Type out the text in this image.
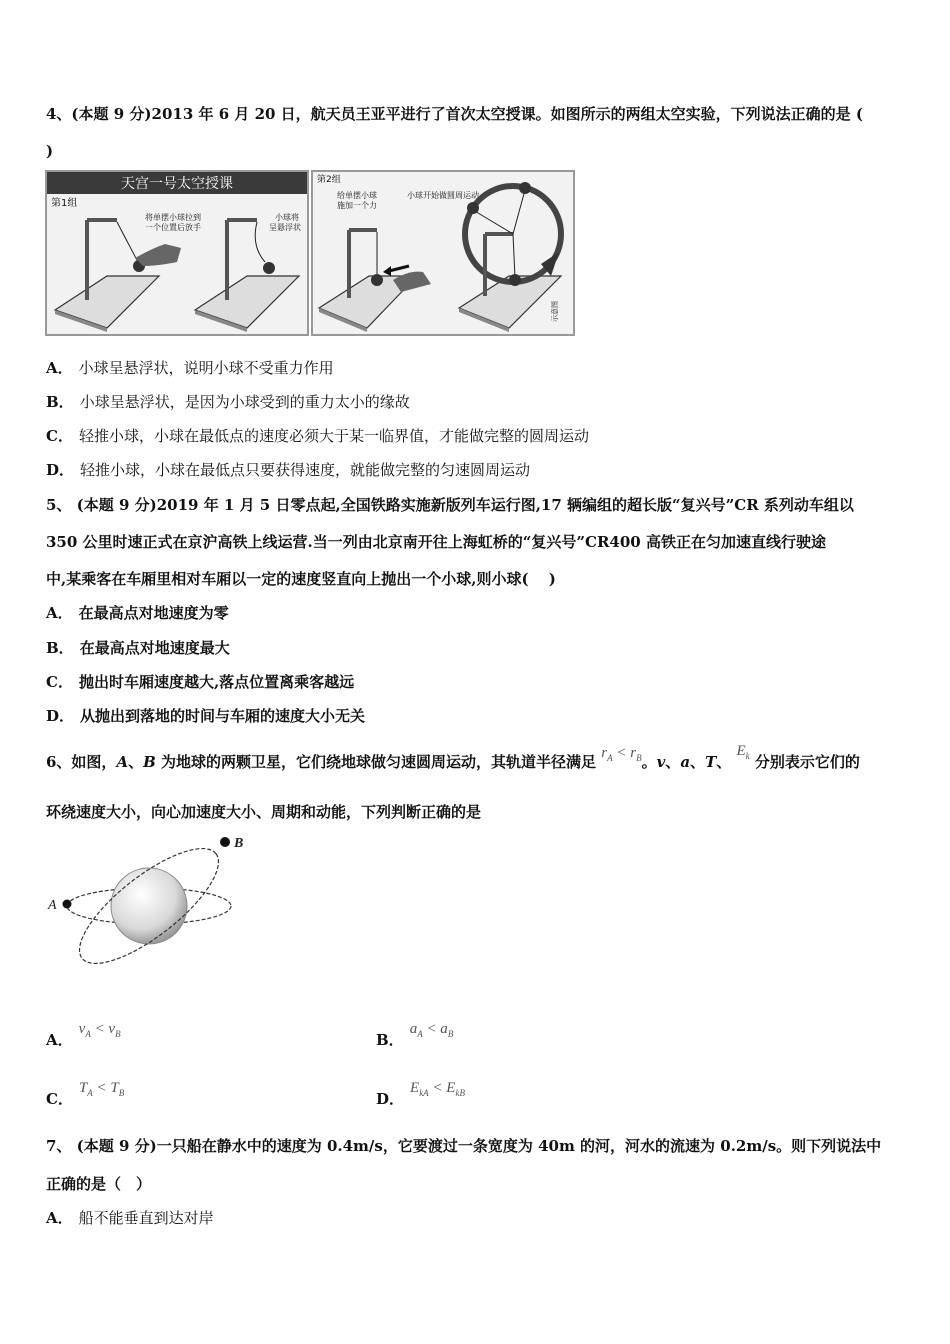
4、(本题 9 分)2013 年 6 月 20 日，航天员王亚平进行了首次太空授课。如图所示的两组太空实验，下列说法正确的是 (
)
天宫一号太空授课
第1组
将单摆小球拉到
一个位置后放手
小球将
呈悬浮状
第2组
给单摆小球
施加一个力
小球开始做圆周运动
示意图
A． 小球呈悬浮状，说明小球不受重力作用
B． 小球呈悬浮状，是因为小球受到的重力太小的缘故
C． 轻推小球，小球在最低点的速度必须大于某一临界值，才能做完整的圆周运动
D． 轻推小球，小球在最低点只要获得速度，就能做完整的匀速圆周运动
5、 (本题 9 分)2019 年 1 月 5 日零点起,全国铁路实施新版列车运行图,17 辆编组的超长版“复兴号”CR 系列动车组以
350 公里时速正式在京沪高铁上线运营.当一列由北京南开往上海虹桥的“复兴号”CR400 高铁正在匀加速直线行驶途
中,某乘客在车厢里相对车厢以一定的速度竖直向上抛出一个小球,则小球(　 )
A． 在最高点对地速度为零
B． 在最高点对地速度最大
C． 抛出时车厢速度越大,落点位置离乘客越远
D． 从抛出到落地的时间与车厢的速度大小无关
6、如图，A、B 为地球的两颗卫星，它们绕地球做匀速圆周运动，其轨道半径满足 $r_A < r_B$。v、a、T、 $E_k$ 分别表示它们的
环绕速度大小，向心加速度大小、周期和动能，下列判断正确的是
A
B
A．$v_A < v_B$	B．$a_A < a_B$
C．$T_A < T_B$	D．$E_{kA} < E_{kB}$
7、 (本题 9 分)一只船在静水中的速度为 0.4m/s，它要渡过一条宽度为 40m 的河，河水的流速为 0.2m/s。则下列说法中
正确的是（　）
A． 船不能垂直到达对岸
